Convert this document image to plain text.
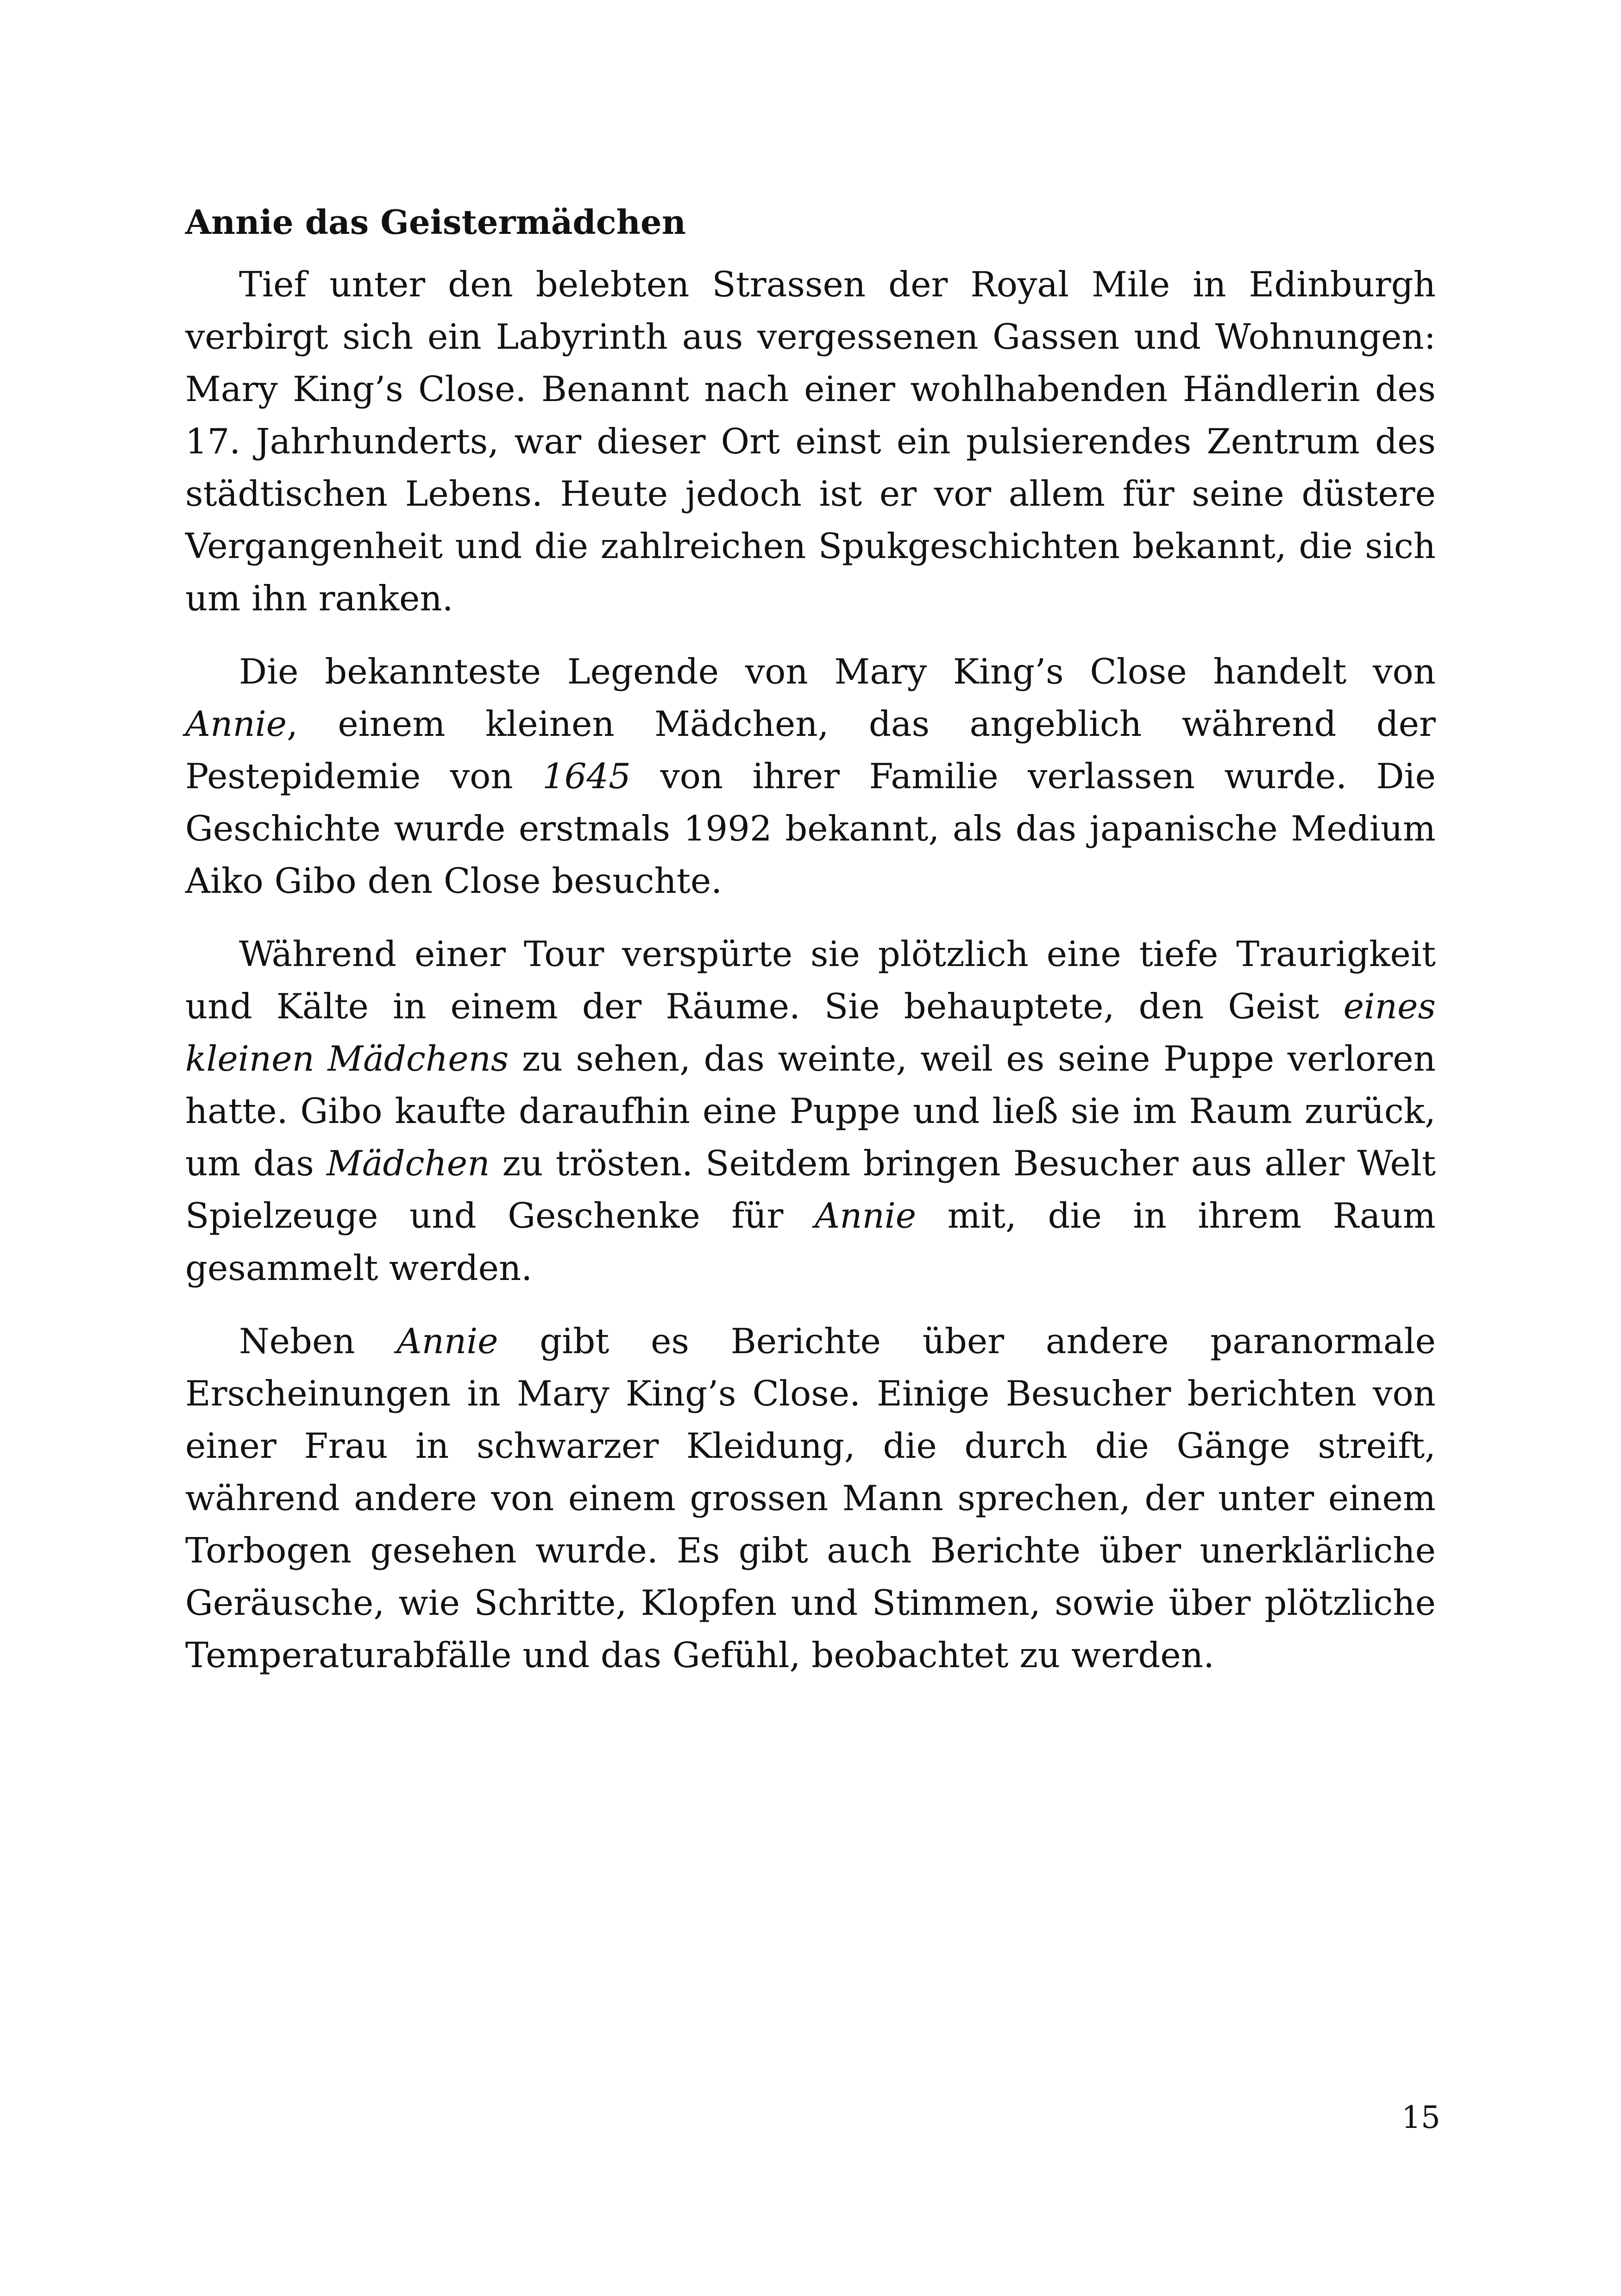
Annie das Geistermädchen

Tief unter den belebten Strassen der Royal Mile in Edinburgh verbirgt sich ein Labyrinth aus vergessenen Gassen und Wohnungen: Mary King’s Close. Benannt nach einer wohlhabenden Händlerin des 17. Jahrhunderts, war dieser Ort einst ein pulsierendes Zentrum des städtischen Lebens. Heute jedoch ist er vor allem für seine düstere Vergangenheit und die zahlreichen Spukgeschichten bekannt, die sich um ihn ranken.

Die bekannteste Legende von Mary King’s Close handelt von Annie, einem kleinen Mädchen, das angeblich während der Pestepidemie von 1645 von ihrer Familie verlassen wurde. Die Geschichte wurde erstmals 1992 bekannt, als das japanische Medium Aiko Gibo den Close besuchte.

Während einer Tour verspürte sie plötzlich eine tiefe Traurigkeit und Kälte in einem der Räume. Sie behauptete, den Geist eines kleinen Mädchens zu sehen, das weinte, weil es seine Puppe verloren hatte. Gibo kaufte daraufhin eine Puppe und ließ sie im Raum zurück, um das Mädchen zu trösten. Seitdem bringen Besucher aus aller Welt Spielzeuge und Geschenke für Annie mit, die in ihrem Raum gesammelt werden.

Neben Annie gibt es Berichte über andere paranormale Erscheinungen in Mary King’s Close. Einige Besucher berichten von einer Frau in schwarzer Kleidung, die durch die Gänge streift, während andere von einem grossen Mann sprechen, der unter einem Torbogen gesehen wurde. Es gibt auch Berichte über unerklärliche Geräusche, wie Schritte, Klopfen und Stimmen, sowie über plötzliche Temperaturabfälle und das Gefühl, beobachtet zu werden.

15
